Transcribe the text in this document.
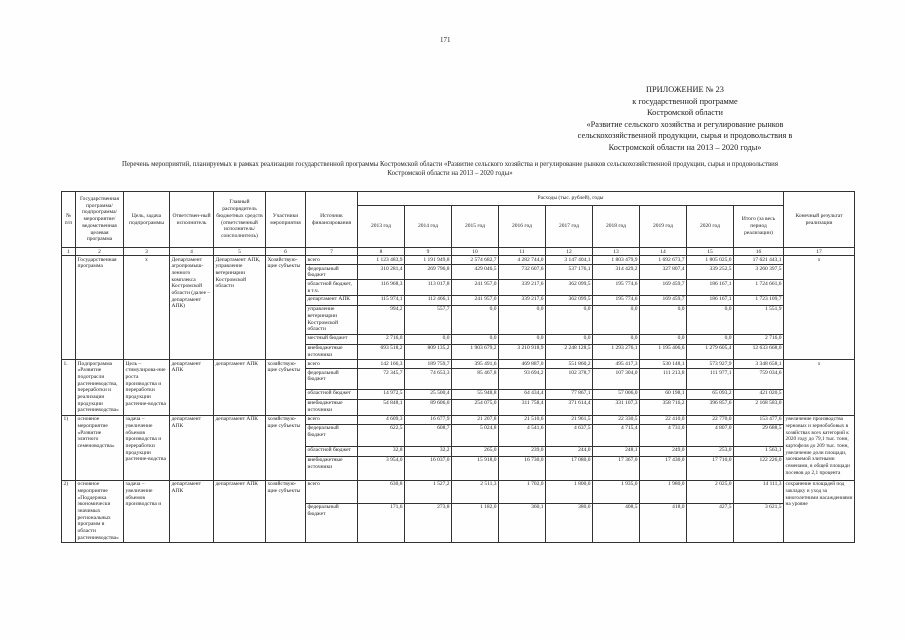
171
ПРИЛОЖЕНИЕ № 23
к государственной программе
Костромской области
«Развитие сельского хозяйства и регулирование рынков
сельскохозяйственной продукции, сырья и продовольствия в
Костромской области на 2013 – 2020 годы»
Перечень мероприятий, планируемых в рамках реализации государственной программы Костромской области «Развитие сельского хозяйства и регулирование рынков сельскохозяйственной продукции, сырья и продовольствия
Костромской области на 2013 – 2020 годы»
№ п/п	Государственная программа/ подпрограмма/ мероприятие/ ведомственная целевая программа	Цель, задача подпрограммы	Ответствен-ный исполнитель	Главный распорядитель бюджетных средств (ответственный исполнитель/ соисполнитель)	Участники мероприятия	Источник финансирования	Расходы (тыс. рублей), годы									Конечный результат реализации
							2013 год	2014 год	2015 год	2016 год	2017 год	2018 год	2019 год	2020 год	Итого (за весь период реализации)	
1	2	3	4	5	6	7	8	9	10	11	12	13	14	15	16	17
	Государственная программа	х	Департамент агропромыш-ленного комплекса Костромской области (далее – департамент АПК)	Департамент АПК, управление ветеринарии Костромской области	Хозяйствую-щие субъекты	всего	1 123 483,9	1 191 949,8	2 574 682,7	4 282 744,0	3 147 404,1	1 803 479,9	1 692 673,7	1 805 025,0	17 621 443,1	х
						федеральный бюджет	310 281,4	269 796,8	429 046,5	732 607,6	537 176,1	314 429,2	327 807,4	339 252,5	3 260 397,5	
						областной бюджет, в т.ч.	116 968,3	113 017,8	241 957,0	339 217,6	362 099,5	195 774,6	169 459,7	186 167,1	1 724 661,6	
						департамент АПК	115 974,1	112 466,1	241 957,0	339 217,6	362 099,5	195 774,6	169 459,7	186 167,1	1 723 109,7	
						управление ветеринарии Костромской области	994,2	557,7	0,0	0,0	0,0	0,0	0,0	0,0	1 551,9	
						местный бюджет	2 716,0	0,0	0,0	0,0	0,0	0,0	0,0	0,0	2 716,0	
						внебюджетные источники	693 518,2	809 135,2	1 903 679,2	3 210 918,9	2 248 128,5	1 293 276,1	1 195 406,6	1 279 605,4	12 633 668,0	
1.	Подпрограмма «Развитие подотрасли растениеводства, переработки и реализации продукции растениеводства»	Цель – стимулирова-ние роста производства и переработки продукции растение-водства	департамент АПК	департамент АПК	хозяйствую-щие субъекты	всего	142 166,3	189 759,7	395 491,6	469 887,0	551 860,2	495 417,3	530 148,1	573 927,9	3 348 658,1	х
						федеральный бюджет	72 345,7	74 653,3	85 467,8	93 694,2	102 378,7	107 304,0	111 213,8	111 977,1	759 034,6	
						областной бюджет	14 972,5	25 500,4	55 948,8	64 434,4	77 867,1	57 006,0	60 198,1	65 093,2	421 020,5	
						внебюджетные источники	54 848,1	89 606,0	254 075,0	311 758,4	371 614,4	331 107,3	358 716,2	396 857,6	2 168 583,0	
1)	основное мероприятие «Развитие элитного семеноводства»	задача – увеличение объемов производства и переработки продукции растение-водства	департамент АПК	департамент АПК	хозяйствую-щие субъекты	всего	4 609,3	16 677,9	21 207,8	21 510,6	21 961,5	22 330,5	22 410,0	22 770,0	153 477,6	увеличение производства зерновых и зернобобовых в хозяйствах всех категорий к 2020 году до 79,1 тыс. тонн, картофеля до 209 тыс. тонн, увеличение доли площади, засеваемой элитными семенами, в общей площади посевов до 2,1 процента
						федеральный бюджет	622,5	608,7	5 024,8	4 541,6	4 637,5	4 715,4	4 731,0	4 807,0	29 688,5	
						областной бюджет	32,8	32,2	265,0	239,0	244,0	248,1	249,0	253,0	1 563,1	
						внебюджетные источники	3 954,0	16 037,0	15 918,0	16 730,0	17 080,0	17 367,0	17 430,0	17 710,0	122 226,0	
2)	основное мероприятие «Поддержка экономически значимых региональных программ в области растениеводства»	задача – увеличение объемов производства и	департамент АПК	департамент АПК	хозяйствую-щие субъекты	всего	630,8	1 527,2	2 511,3	1 702,0	1 800,0	1 935,0	1 980,0	2 025,0	14 111,3	сохранение площадей под закладку и уход за многолетними насаждениями на уровне
						федеральный бюджет	171,6	273,8	1 182,0	360,1	380,0	408,5	418,0	427,5	3 621,5	
